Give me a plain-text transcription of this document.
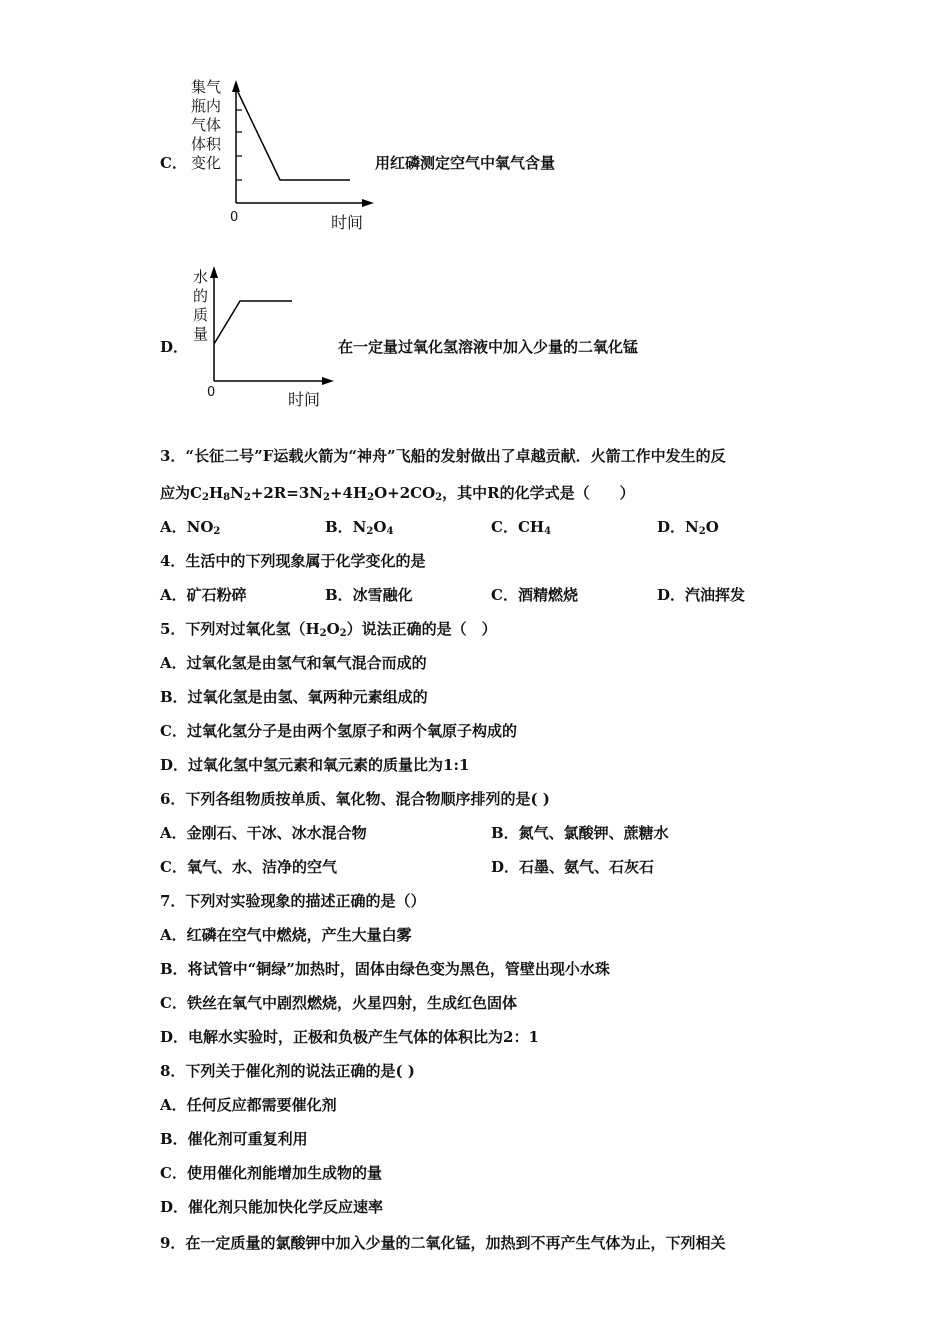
C．
集气
瓶内
气体
体积
变化
0	时间
用红磷测定空气中氧气含量
D．
水
的
质
量
0	时间
在一定量过氧化氢溶液中加入少量的二氧化锰
3．“长征二号”F运载火箭为“神舟”飞船的发射做出了卓越贡献．火箭工作中发生的反
应为$C_2H_8N_2+2R=3N_2+4H_2O+2CO_2$，其中R的化学式是（　　）
A．$NO_2$	B．$N_2O_4$	C．$CH_4$	D．$N_2O$
4．生活中的下列现象属于化学变化的是
A．矿石粉碎	B．冰雪融化	C．酒精燃烧	D．汽油挥发
5．下列对过氧化氢$(H_2O_2)$说法正确的是（　）
A．过氧化氢是由氢气和氧气混合而成的
B．过氧化氢是由氢、氧两种元素组成的
C．过氧化氢分子是由两个氢原子和两个氧原子构成的
D．过氧化氢中氢元素和氧元素的质量比为1:1
6．下列各组物质按单质、氧化物、混合物顺序排列的是( )
A．金刚石、干冰、冰水混合物	B．氮气、氯酸钾、蔗糖水
C．氧气、水、洁净的空气	D．石墨、氨气、石灰石
7．下列对实验现象的描述正确的是（）
A．红磷在空气中燃烧，产生大量白雾
B．将试管中“铜绿”加热时，固体由绿色变为黑色，管壁出现小水珠
C．铁丝在氧气中剧烈燃烧，火星四射，生成红色固体
D．电解水实验时，正极和负极产生气体的体积比为2：1
8．下列关于催化剂的说法正确的是( )
A．任何反应都需要催化剂
B．催化剂可重复利用
C．使用催化剂能增加生成物的量
D．催化剂只能加快化学反应速率
9．在一定质量的氯酸钾中加入少量的二氧化锰，加热到不再产生气体为止，下列相关
